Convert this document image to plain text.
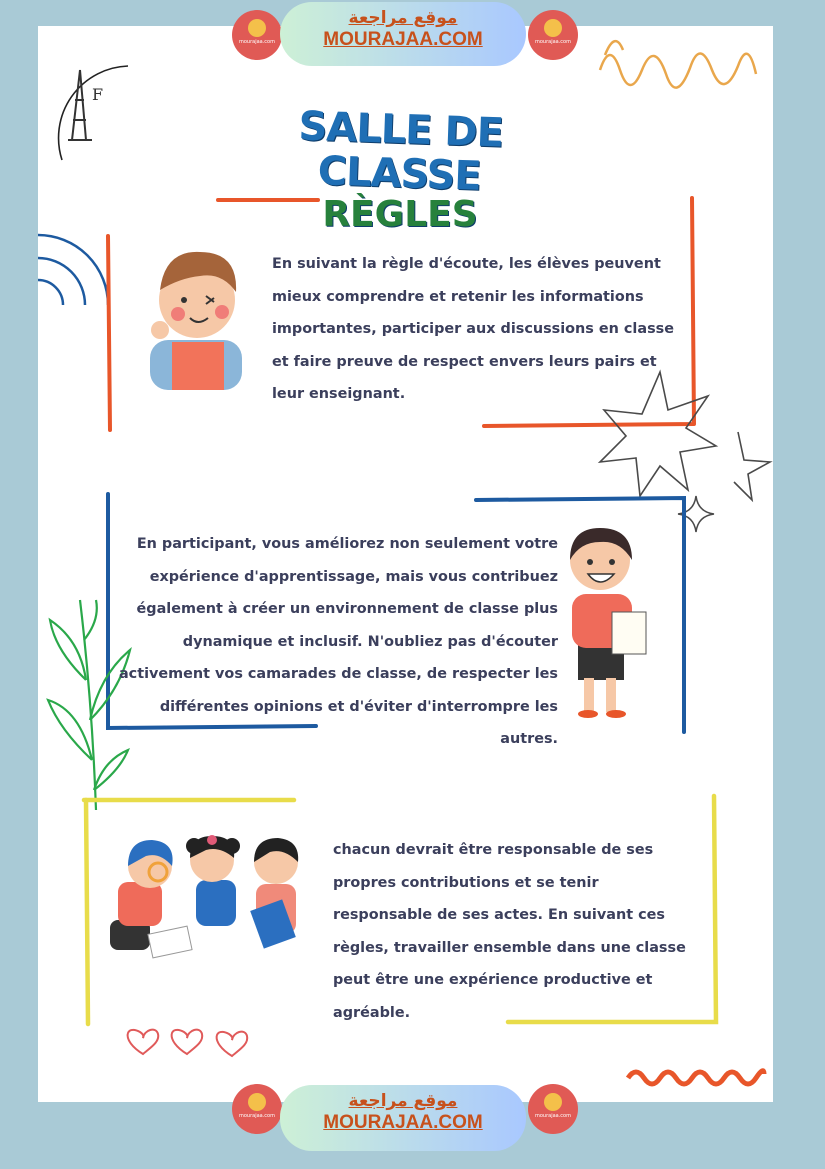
F
mourajaa.com
موقع مراجعة
MOURAJAA.COM	mourajaa.com
SALLE DE CLASSE
RÈGLES

En suivant la règle d'écoute, les élèves peuvent mieux comprendre et retenir les informations importantes, participer aux discussions en classe et faire preuve de respect envers leurs pairs et leur enseignant.

En participant, vous améliorez non seulement votre expérience d'apprentissage, mais vous contribuez également à créer un environnement de classe plus dynamique et inclusif. N'oubliez pas d'écouter activement vos camarades de classe, de respecter les différentes opinions et d'éviter d'interrompre les autres.

chacun devrait être responsable de ses propres contributions et se tenir responsable de ses actes. En suivant ces règles, travailler ensemble dans une classe peut être une expérience productive et agréable.

mourajaa.com
موقع مراجعة
MOURAJAA.COM	mourajaa.com
